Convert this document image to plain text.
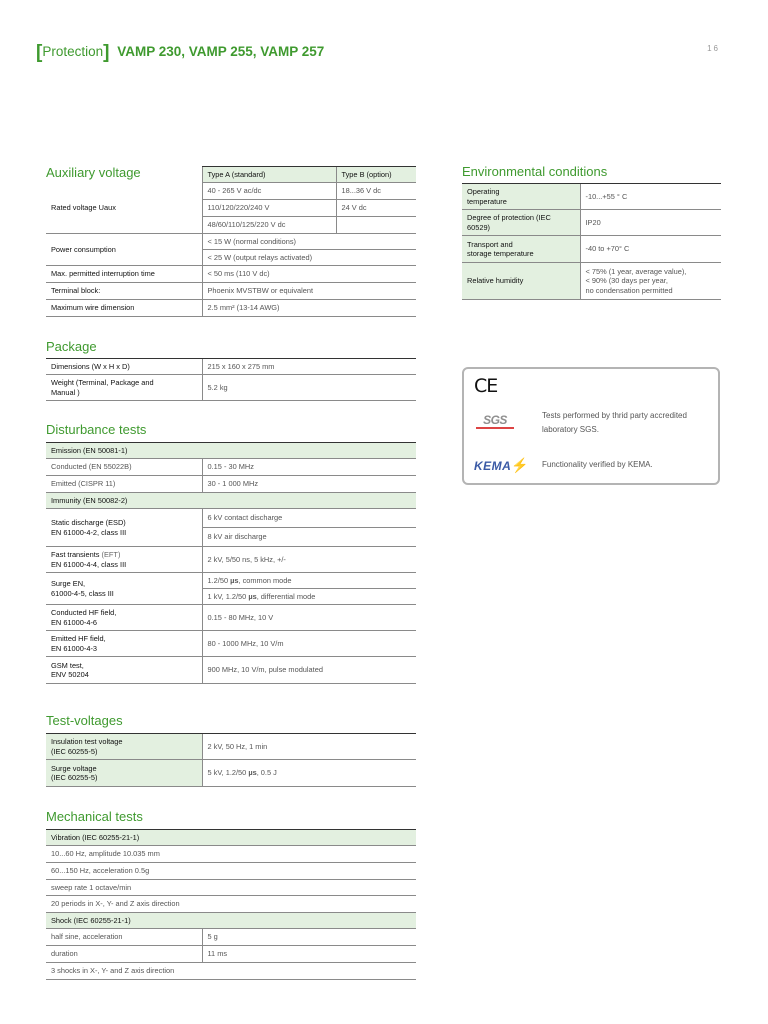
[Protection] VAMP 230, VAMP 255, VAMP 257	16
Auxiliary voltage
		Type A (standard)	Type B (option)
Rated voltage Uaux	40 - 265 V ac/dc	18...36 V dc
	110/120/220/240 V	24 V dc
	48/60/110/125/220 V dc	
Power consumption	< 15 W (normal conditions)	
	< 25 W (output relays activated)	
Max. permitted interruption time	< 50 ms (110 V dc)	
Terminal block:	Phoenix MVSTBW or equivalent	
Maximum wire dimension	2.5 mm² (13-14 AWG)	
Environmental conditions
Operating
temperature	-10...+55 ° C
Degree of protection (IEC
60529)	IP20
Transport and
storage temperature	-40 to +70° C
Relative humidity	< 75% (1 year, average value),
< 90% (30 days per year,
no condensation permitted
Package
Dimensions (W x H x D)	215 x 160 x 275 mm
Weight (Terminal, Package and
Manual )	5.2 kg	CE
SGS	Tests performed by thrid party accredited laboratory SGS.
KEMA⚡ Functionality verified by KEMA.
Disturbance tests
Emission (EN 50081-1)	
Conducted (EN 55022B)	0.15 - 30 MHz
Emitted (CISPR 11)	30 - 1 000 MHz
Immunity (EN 50082-2)	
Static discharge (ESD)
EN 61000-4-2, class III	6 kV contact discharge
	8 kV air discharge
Fast transients (EFT)
EN 61000-4-4, class III	2 kV, 5/50 ns, 5 kHz, +/-
Surge EN,
61000-4-5, class III	1.2/50 µs, common mode
	1 kV, 1.2/50 µs, differential mode
Conducted HF field,
EN 61000-4-6	0.15 - 80 MHz, 10 V
Emitted HF field,
EN 61000-4-3	80 - 1000 MHz, 10 V/m
GSM test,
ENV 50204	900 MHz, 10 V/m, pulse modulated
Test-voltages
Insulation test voltage
(IEC 60255-5)	2 kV, 50 Hz, 1 min
Surge voltage
(IEC 60255-5)	5 kV, 1.2/50 µs, 0.5 J
Mechanical tests
Vibration (IEC 60255-21-1)	
10...60 Hz, amplitude 10.035 mm	
60...150 Hz, acceleration 0.5g	
sweep rate 1 octave/min	
20 periods in X-, Y- and Z axis direction	
Shock (IEC 60255-21-1)	
half sine, acceleration	5 g
duration	11 ms
3 shocks in X-, Y- and Z axis direction	
